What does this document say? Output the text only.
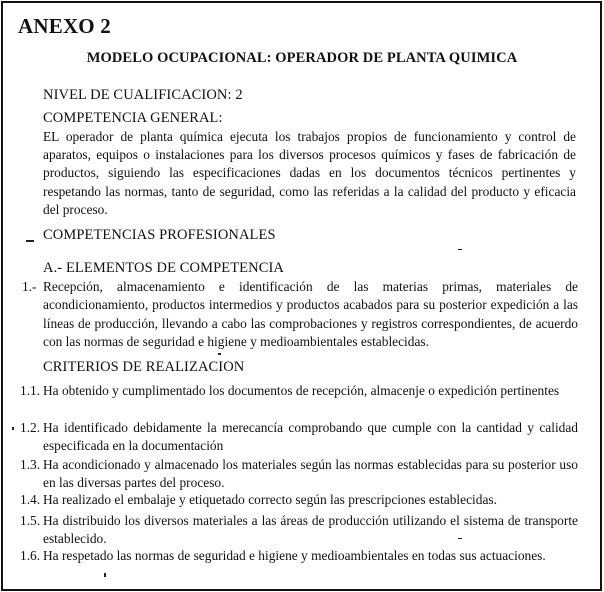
ANEXO 2
MODELO OCUPACIONAL: OPERADOR DE PLANTA QUIMICA
NIVEL DE CUALIFICACION: 2
COMPETENCIA GENERAL:
EL operador de planta química ejecuta los trabajos propios de funcionamiento y control de aparatos, equipos o instalaciones para los diversos procesos químicos y fases de fabricación de productos, siguiendo las especificaciones dadas en los documentos técnicos pertinentes y respetando las normas, tanto de seguridad, como las referidas a la calidad del producto y eficacia del proceso.
COMPETENCIAS PROFESIONALES
A.- ELEMENTOS DE COMPETENCIA
1.- Recepción, almacenamiento e identificación de las materias primas, materiales de acondicionamiento, productos intermedios y productos acabados para su posterior expedición a las líneas de producción, llevando a cabo las comprobaciones y registros correspondientes, de acuerdo con las normas de seguridad e higiene y medioambientales establecidas.
CRITERIOS DE REALIZACION
1.1. Ha obtenido y cumplimentado los documentos de recepción, almacenje o expedición pertinentes
1.2. Ha identificado debidamente la merecancía comprobando que cumple con la cantidad y calidad especificada en la documentación
1.3. Ha acondicionado y almacenado los materiales según las normas establecidas para su posterior uso en las diversas partes del proceso.
1.4. Ha realizado el embalaje y etiquetado correcto según las prescripciones establecidas.
1.5. Ha distribuido los diversos materiales a las áreas de producción utilizando el sistema de transporte establecido.
1.6. Ha respetado las normas de seguridad e higiene y medioambientales en todas sus actuaciones.
